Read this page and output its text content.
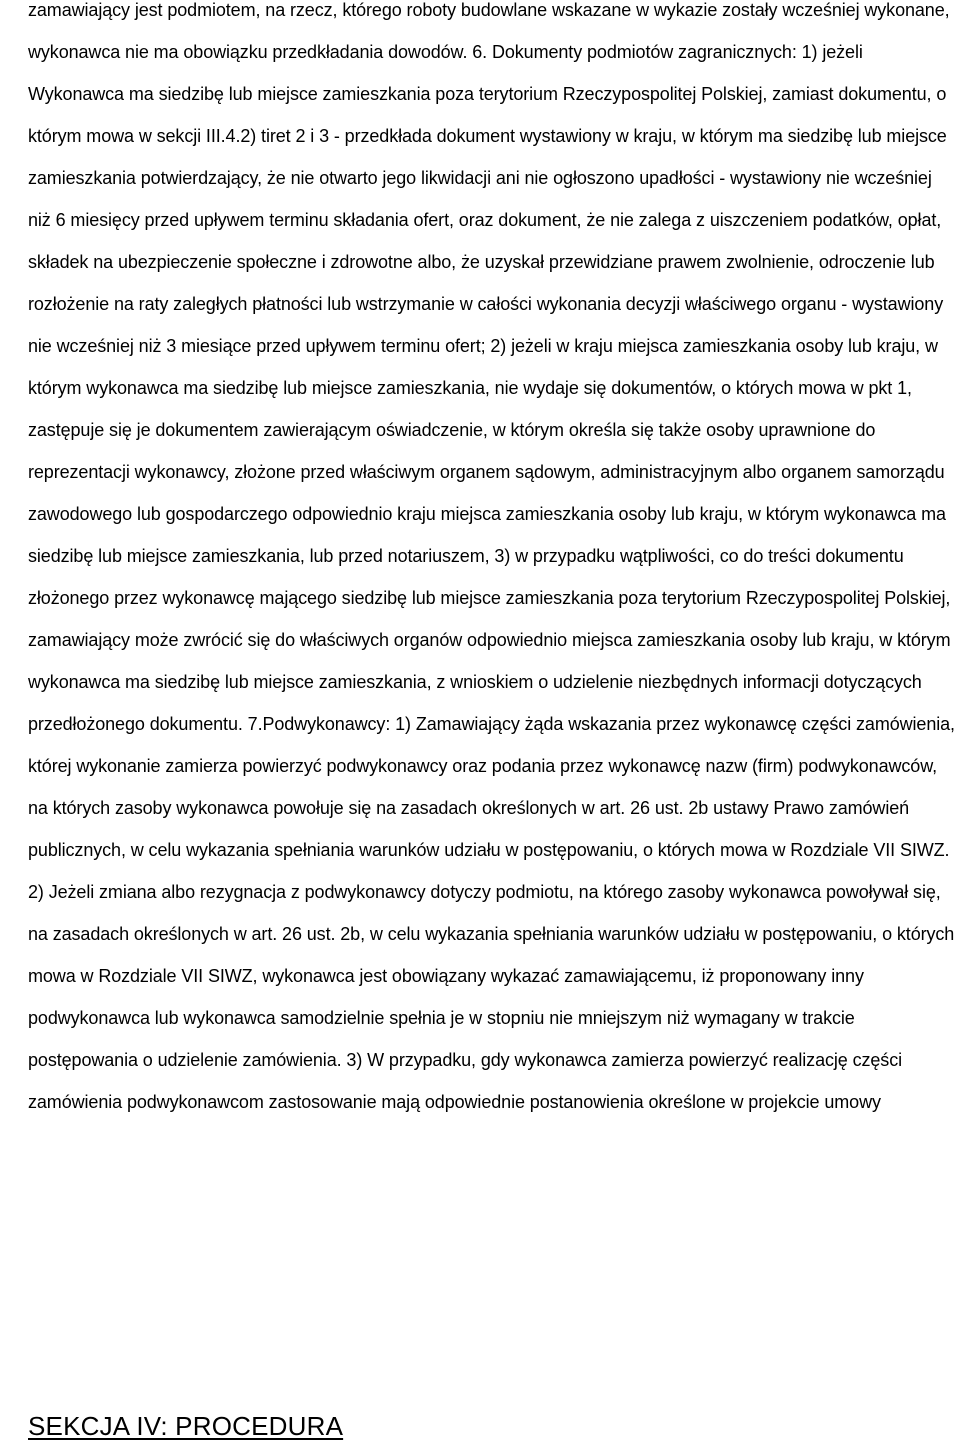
zamawiający jest podmiotem, na rzecz, którego roboty budowlane wskazane w wykazie zostały wcześniej wykonane, wykonawca nie ma obowiązku przedkładania dowodów. 6. Dokumenty podmiotów zagranicznych: 1) jeżeli Wykonawca ma siedzibę lub miejsce zamieszkania poza terytorium Rzeczypospolitej Polskiej, zamiast dokumentu, o którym mowa w sekcji III.4.2) tiret 2 i 3 - przedkłada dokument wystawiony w kraju, w którym ma siedzibę lub miejsce zamieszkania potwierdzający, że nie otwarto jego likwidacji ani nie ogłoszono upadłości - wystawiony nie wcześniej niż 6 miesięcy przed upływem terminu składania ofert, oraz dokument, że nie zalega z uiszczeniem podatków, opłat, składek na ubezpieczenie społeczne i zdrowotne albo, że uzyskał przewidziane prawem zwolnienie, odroczenie lub rozłożenie na raty zaległych płatności lub wstrzymanie w całości wykonania decyzji właściwego organu - wystawiony nie wcześniej niż 3 miesiące przed upływem terminu ofert; 2) jeżeli w kraju miejsca zamieszkania osoby lub kraju, w którym wykonawca ma siedzibę lub miejsce zamieszkania, nie wydaje się dokumentów, o których mowa w pkt 1, zastępuje się je dokumentem zawierającym oświadczenie, w którym określa się także osoby uprawnione do reprezentacji wykonawcy, złożone przed właściwym organem sądowym, administracyjnym albo organem samorządu zawodowego lub gospodarczego odpowiednio kraju miejsca zamieszkania osoby lub kraju, w którym wykonawca ma siedzibę lub miejsce zamieszkania, lub przed notariuszem, 3) w przypadku wątpliwości, co do treści dokumentu złożonego przez wykonawcę mającego siedzibę lub miejsce zamieszkania poza terytorium Rzeczypospolitej Polskiej, zamawiający może zwrócić się do właściwych organów odpowiednio miejsca zamieszkania osoby lub kraju, w którym wykonawca ma siedzibę lub miejsce zamieszkania, z wnioskiem o udzielenie niezbędnych informacji dotyczących przedłożonego dokumentu. 7.Podwykonawcy: 1) Zamawiający żąda wskazania przez wykonawcę części zamówienia, której wykonanie zamierza powierzyć podwykonawcy oraz podania przez wykonawcę nazw (firm) podwykonawców, na których zasoby wykonawca powołuje się na zasadach określonych w art. 26 ust. 2b ustawy Prawo zamówień publicznych, w celu wykazania spełniania warunków udziału w postępowaniu, o których mowa w Rozdziale VII SIWZ. 2) Jeżeli zmiana albo rezygnacja z podwykonawcy dotyczy podmiotu, na którego zasoby wykonawca powoływał się, na zasadach określonych w art. 26 ust. 2b, w celu wykazania spełniania warunków udziału w postępowaniu, o których mowa w Rozdziale VII SIWZ, wykonawca jest obowiązany wykazać zamawiającemu, iż proponowany inny podwykonawca lub wykonawca samodzielnie spełnia je w stopniu nie mniejszym niż wymagany w trakcie postępowania o udzielenie zamówienia. 3) W przypadku, gdy wykonawca zamierza powierzyć realizację części zamówienia podwykonawcom zastosowanie mają odpowiednie postanowienia określone w projekcie umowy

SEKCJA IV: PROCEDURA
